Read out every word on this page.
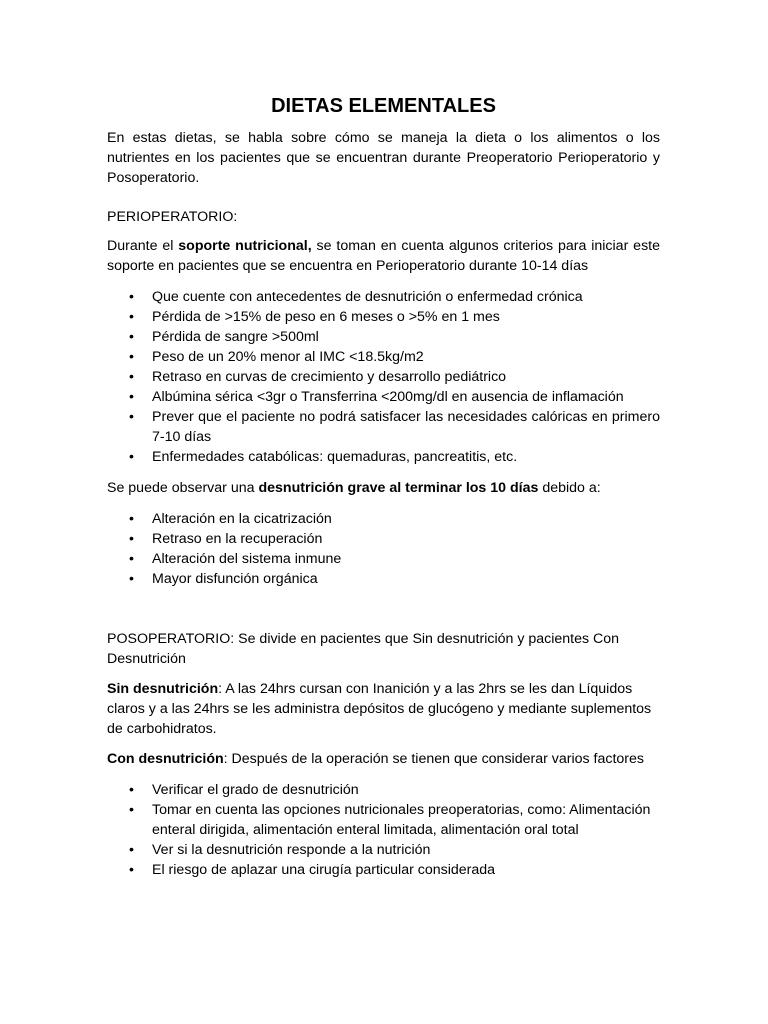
DIETAS ELEMENTALES

En estas dietas, se habla sobre cómo se maneja la dieta o los alimentos o los nutrientes en los pacientes que se encuentran durante Preoperatorio Perioperatorio y Posoperatorio.

PERIOPERATORIO:

Durante el soporte nutricional, se toman en cuenta algunos criterios para iniciar este soporte en pacientes que se encuentra en Perioperatorio durante 10-14 días

• Que cuente con antecedentes de desnutrición o enfermedad crónica
• Pérdida de >15% de peso en 6 meses o >5% en 1 mes
• Pérdida de sangre >500ml
• Peso de un 20% menor al IMC <18.5kg/m2
• Retraso en curvas de crecimiento y desarrollo pediátrico
• Albúmina sérica <3gr o Transferrina <200mg/dl en ausencia de inflamación
• Prever que el paciente no podrá satisfacer las necesidades calóricas en primero 7-10 días
• Enfermedades catabólicas: quemaduras, pancreatitis, etc.

Se puede observar una desnutrición grave al terminar los 10 días debido a:

• Alteración en la cicatrización
• Retraso en la recuperación
• Alteración del sistema inmune
• Mayor disfunción orgánica

POSOPERATORIO: Se divide en pacientes que Sin desnutrición y pacientes Con Desnutrición

Sin desnutrición: A las 24hrs cursan con Inanición y a las 2hrs se les dan Líquidos claros y a las 24hrs se les administra depósitos de glucógeno y mediante suplementos de carbohidratos.

Con desnutrición: Después de la operación se tienen que considerar varios factores

• Verificar el grado de desnutrición
• Tomar en cuenta las opciones nutricionales preoperatorias, como: Alimentación enteral dirigida, alimentación enteral limitada, alimentación oral total
• Ver si la desnutrición responde a la nutrición
• El riesgo de aplazar una cirugía particular considerada
